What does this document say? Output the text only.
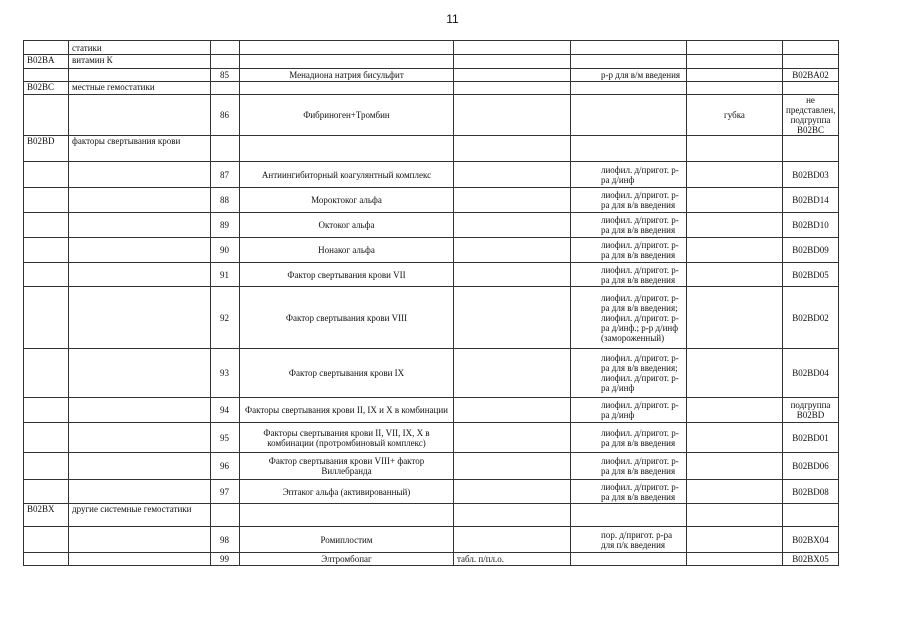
11
	статики						
B02BA	витамин К						
		85	Менадиона натрия бисульфит		р-р для в/м введения		B02BA02
B02BC	местные гемостатики						
		86	Фибриноген+Тромбин			губка	не представлен, подгруппа B02BC
B02BD	факторы свертывания крови						
		87	Антиингибиторный коагулянтный комплекс		лиофил. д/пригот. р-ра д/инф		B02BD03
		88	Мороктоког альфа		лиофил. д/пригот. р-ра для в/в введения		B02BD14
		89	Октоког альфа		лиофил. д/пригот. р-ра для в/в введения		B02BD10
		90	Нонаког альфа		лиофил. д/пригот. р-ра для в/в введения		B02BD09
		91	Фактор свертывания крови VII		лиофил. д/пригот. р-ра для в/в введения		B02BD05
		92	Фактор свертывания крови VIII		лиофил. д/пригот. р-ра для в/в введения; лиофил. д/пригот. р-ра д/инф.; р-р д/инф (замороженный)		B02BD02
		93	Фактор свертывания крови IX		лиофил. д/пригот. р-ра для в/в введения; лиофил. д/пригот. р-ра д/инф		B02BD04
		94	Факторы свертывания крови II, IX и X в комбинации		лиофил. д/пригот. р-ра д/инф		подгруппа B02BD
		95	Факторы свертывания крови II, VII, IX, X в комбинации (протромбиновый комплекс)		лиофил. д/пригот. р-ра для в/в введения		B02BD01
		96	Фактор свертывания крови VIII+ фактор Виллебранда		лиофил. д/пригот. р-ра для в/в введения		B02BD06
		97	Эптаког альфа (активированный)		лиофил. д/пригот. р-ра для в/в введения		B02BD08
B02BX	другие системные гемостатики						
		98	Ромиплостим		пор. д/пригот. р-ра для п/к введения		B02BX04
		99	Элтромбопаг	табл. п/пл.о.			B02BX05
